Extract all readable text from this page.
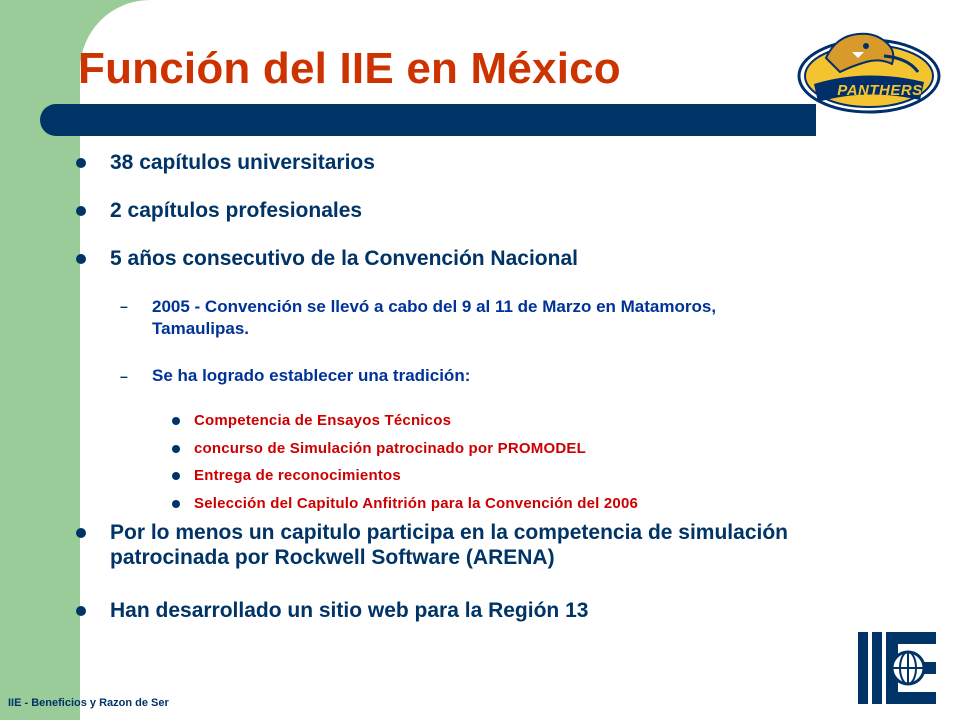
Función del IIE en México	PANTHERS
38 capítulos universitarios
2 capítulos profesionales
5 años consecutivo de la Convención Nacional
– 2005 - Convención se llevó a cabo del 9 al 11 de Marzo en Matamoros, Tamaulipas.
– Se ha logrado establecer una tradición:
Competencia de Ensayos Técnicos
concurso de Simulación patrocinado por PROMODEL
Entrega de reconocimientos
Selección del Capitulo Anfitrión para la Convención del 2006
Por lo menos un capitulo participa en la competencia de simulación patrocinada por Rockwell Software (ARENA)
Han desarrollado un sitio web para la Región 13
IIE - Beneficios y Razon de Ser
